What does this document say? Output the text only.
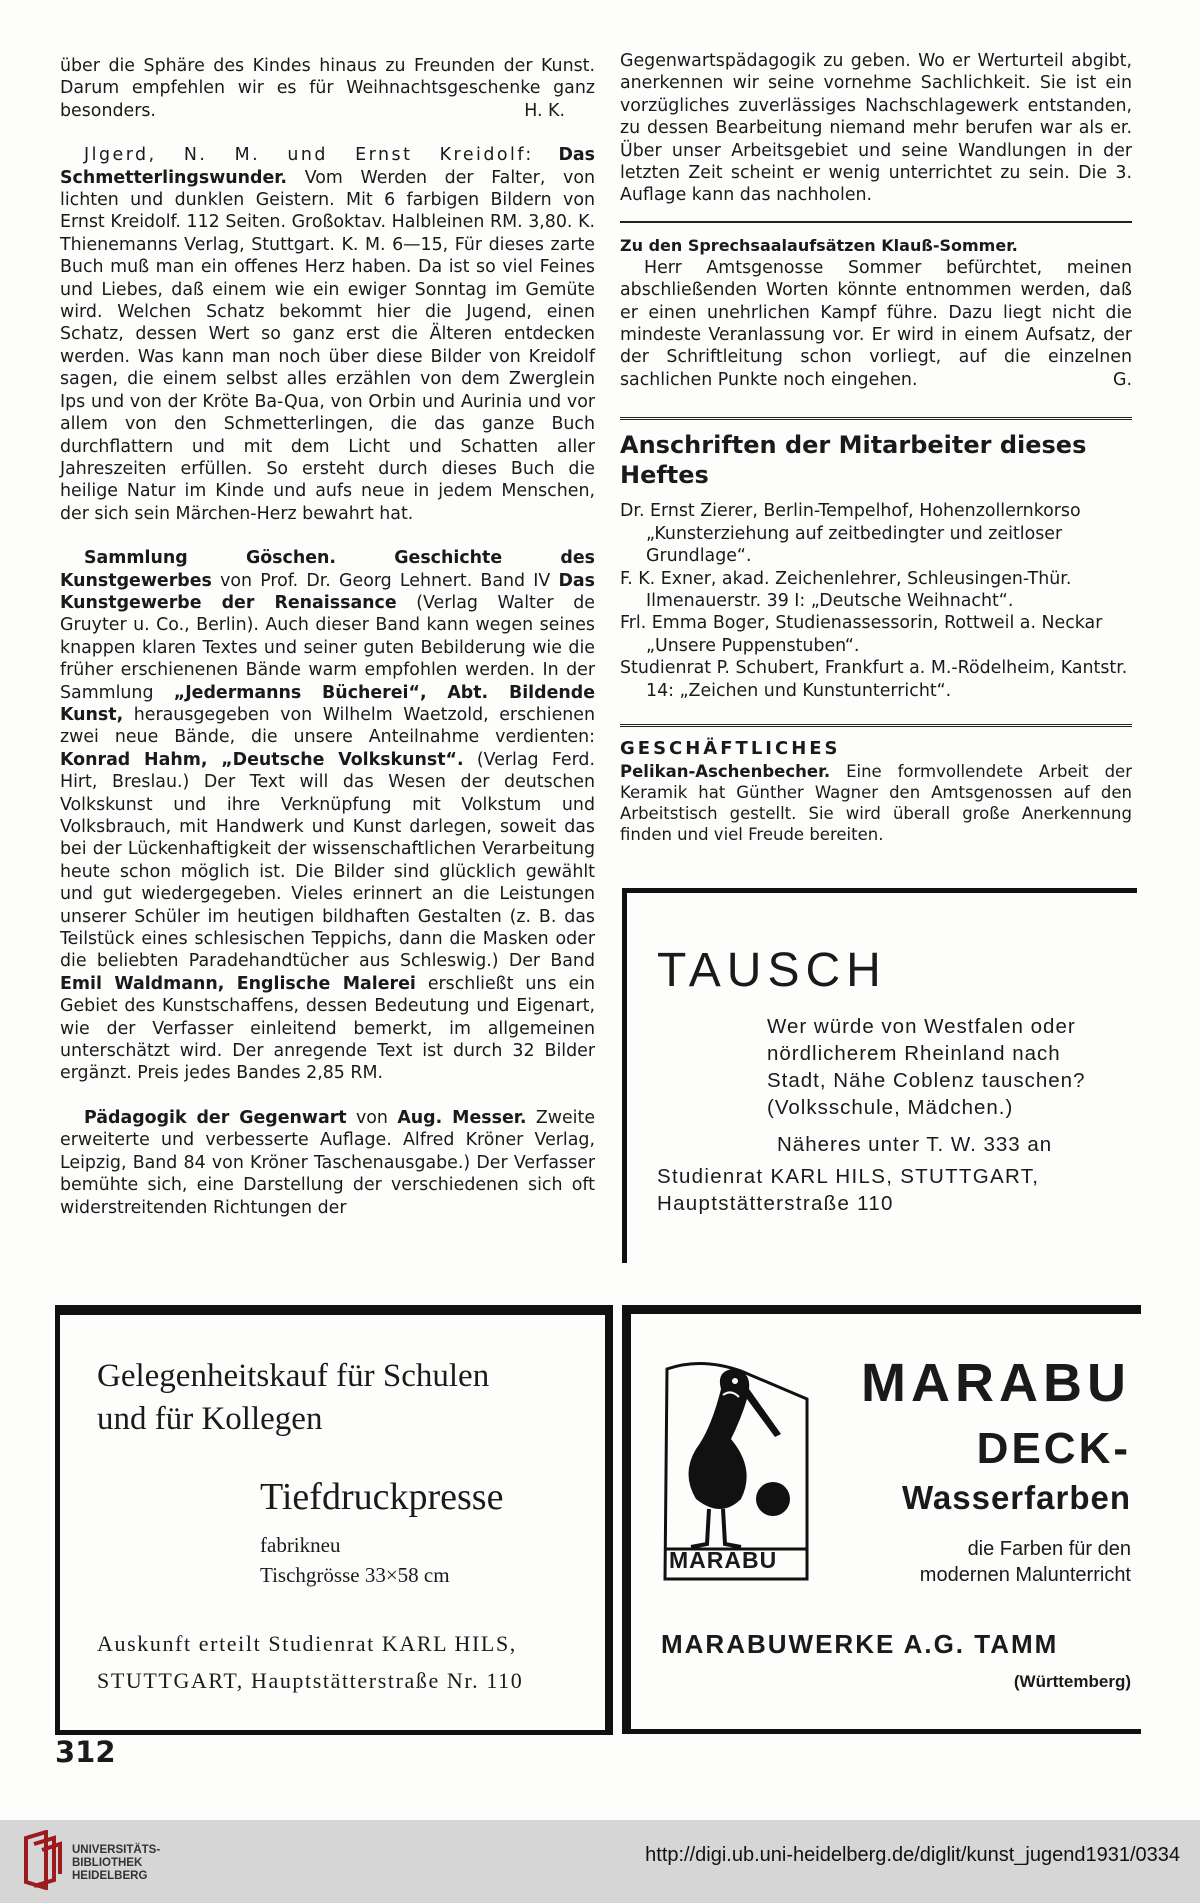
über die Sphäre des Kindes hinaus zu Freunden der Kunst. Darum empfehlen wir es für Weihnachtsgeschenke ganz besonders.	H. K.

Jlgerd, N. M. und Ernst Kreidolf: Das Schmetterlingswunder. Vom Werden der Falter, von lichten und dunklen Geistern. Mit 6 farbigen Bildern von Ernst Kreidolf. 112 Seiten. Großoktav. Halbleinen RM. 3,80. K. Thienemanns Verlag, Stuttgart. K. M. 6—15, Für dieses zarte Buch muß man ein offenes Herz haben. Da ist so viel Feines und Liebes, daß einem wie ein ewiger Sonntag im Gemüte wird. Welchen Schatz bekommt hier die Jugend, einen Schatz, dessen Wert so ganz erst die Älteren entdecken werden. Was kann man noch über diese Bilder von Kreidolf sagen, die einem selbst alles erzählen von dem Zwerglein Ips und von der Kröte Ba-Qua, von Orbin und Aurinia und vor allem von den Schmetterlingen, die das ganze Buch durchflattern und mit dem Licht und Schatten aller Jahreszeiten erfüllen. So ersteht durch dieses Buch die heilige Natur im Kinde und aufs neue in jedem Menschen, der sich sein Märchen-Herz bewahrt hat.

Sammlung Göschen. Geschichte des Kunstgewerbes von Prof. Dr. Georg Lehnert. Band IV Das Kunstgewerbe der Renaissance (Verlag Walter de Gruyter u. Co., Berlin). Auch dieser Band kann wegen seines knappen klaren Textes und seiner guten Bebilderung wie die früher erschienenen Bände warm empfohlen werden. In der Sammlung „Jedermanns Bücherei“, Abt. Bildende Kunst, herausgegeben von Wilhelm Waetzold, erschienen zwei neue Bände, die unsere Anteilnahme verdienten: Konrad Hahm, „Deutsche Volkskunst“. (Verlag Ferd. Hirt, Breslau.) Der Text will das Wesen der deutschen Volkskunst und ihre Verknüpfung mit Volkstum und Volksbrauch, mit Handwerk und Kunst darlegen, soweit das bei der Lückenhaftigkeit der wissenschaftlichen Verarbeitung heute schon möglich ist. Die Bilder sind glücklich gewählt und gut wiedergegeben. Vieles erinnert an die Leistungen unserer Schüler im heutigen bildhaften Gestalten (z. B. das Teilstück eines schlesischen Teppichs, dann die Masken oder die beliebten Paradehandtücher aus Schleswig.) Der Band Emil Waldmann, Englische Malerei erschließt uns ein Gebiet des Kunstschaffens, dessen Bedeutung und Eigenart, wie der Verfasser einleitend bemerkt, im allgemeinen unterschätzt wird. Der anregende Text ist durch 32 Bilder ergänzt. Preis jedes Bandes 2,85 RM.

Pädagogik der Gegenwart von Aug. Messer. Zweite erweiterte und verbesserte Auflage. Alfred Kröner Verlag, Leipzig, Band 84 von Kröner Taschenausgabe.) Der Verfasser bemühte sich, eine Darstellung der verschiedenen sich oft widerstreitenden Richtungen der

Gegenwartspädagogik zu geben. Wo er Werturteil abgibt, anerkennen wir seine vornehme Sachlichkeit. Sie ist ein vorzügliches zuverlässiges Nachschlagewerk entstanden, zu dessen Bearbeitung niemand mehr berufen war als er. Über unser Arbeitsgebiet und seine Wandlungen in der letzten Zeit scheint er wenig unterrichtet zu sein. Die 3. Auflage kann das nachholen.

Zu den Sprechsaalaufsätzen Klauß-Sommer.

Herr Amtsgenosse Sommer befürchtet, meinen abschließenden Worten könnte entnommen werden, daß er einen unehrlichen Kampf führe. Dazu liegt nicht die mindeste Veranlassung vor. Er wird in einem Aufsatz, der der Schriftleitung schon vorliegt, auf die einzelnen sachlichen Punkte noch eingehen.	G.

Anschriften der Mitarbeiter dieses Heftes

Dr. Ernst Zierer, Berlin-Tempelhof, Hohenzollernkorso „Kunsterziehung auf zeitbedingter und zeitloser Grundlage“.

F. K. Exner, akad. Zeichenlehrer, Schleusingen-Thür. Ilmenauerstr. 39 I: „Deutsche Weihnacht“.

Frl. Emma Boger, Studienassessorin, Rottweil a. Neckar „Unsere Puppenstuben“.

Studienrat P. Schubert, Frankfurt a. M.-Rödelheim, Kantstr. 14: „Zeichen und Kunstunterricht“.

GESCHÄFTLICHES

Pelikan-Aschenbecher. Eine formvollendete Arbeit der Keramik hat Günther Wagner den Amtsgenossen auf den Arbeitstisch gestellt. Sie wird überall große Anerkennung finden und viel Freude bereiten.

TAUSCH
Wer würde von Westfalen oder
nördlicherem Rheinland nach
Stadt, Nähe Coblenz tauschen?
(Volksschule, Mädchen.)
Näheres unter T. W. 333 an
Studienrat KARL HILS, STUTTGART,
Hauptstätterstraße 110
Gelegenheitskauf für Schulen
und für Kollegen
Tiefdruckpresse
fabrikneu
Tischgrösse 33×58 cm
Auskunft erteilt Studienrat KARL HILS,
STUTTGART, Hauptstätterstraße Nr. 110
MARABU
MARABU
DECK-
Wasserfarben
die Farben für den
modernen Malunterricht
MARABUWERKE A.G. TAMM
(Württemberg)
312
UNIVERSITÄTS-
BIBLIOTHEK
HEIDELBERG
http://digi.ub.uni-heidelberg.de/diglit/kunst_jugend1931/0334
